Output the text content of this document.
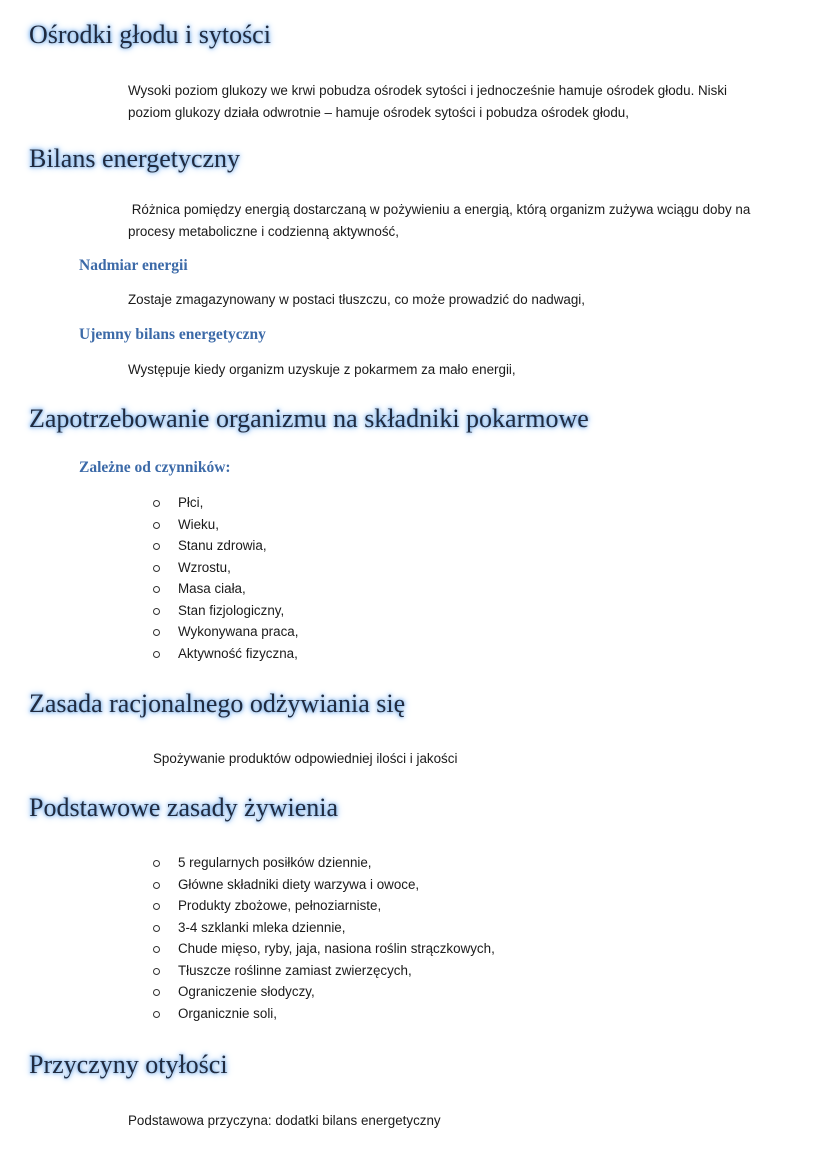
Ośrodki głodu i sytości

Wysoki poziom glukozy we krwi pobudza ośrodek sytości i jednocześnie hamuje ośrodek głodu. Niski poziom glukozy działa odwrotnie – hamuje ośrodek sytości i pobudza ośrodek głodu,

Bilans energetyczny

Różnica pomiędzy energią dostarczaną w pożywieniu a energią, którą organizm zużywa wciągu doby na  procesy metaboliczne i codzienną aktywność,

Nadmiar energii

Zostaje zmagazynowany w postaci tłuszczu, co może prowadzić do nadwagi,

Ujemny bilans energetyczny

Występuje kiedy organizm uzyskuje z pokarmem za mało energii,

Zapotrzebowanie organizmu na składniki pokarmowe
Zależne od czynników:
Płci,
Wieku,
Stanu zdrowia,
Wzrostu,
Masa ciała,
Stan fizjologiczny,
Wykonywana praca,
Aktywność fizyczna,
Zasada racjonalnego odżywiania się

Spożywanie produktów odpowiedniej ilości i jakości

Podstawowe zasady żywienia
5 regularnych posiłków dziennie,
Główne składniki diety warzywa i owoce,
Produkty zbożowe, pełnoziarniste,
3-4 szklanki mleka dziennie,
Chude mięso, ryby, jaja, nasiona roślin strączkowych,
Tłuszcze roślinne zamiast zwierzęcych,
Ograniczenie słodyczy,
Organicznie soli,
Przyczyny otyłości

Podstawowa przyczyna: dodatki bilans energetyczny
